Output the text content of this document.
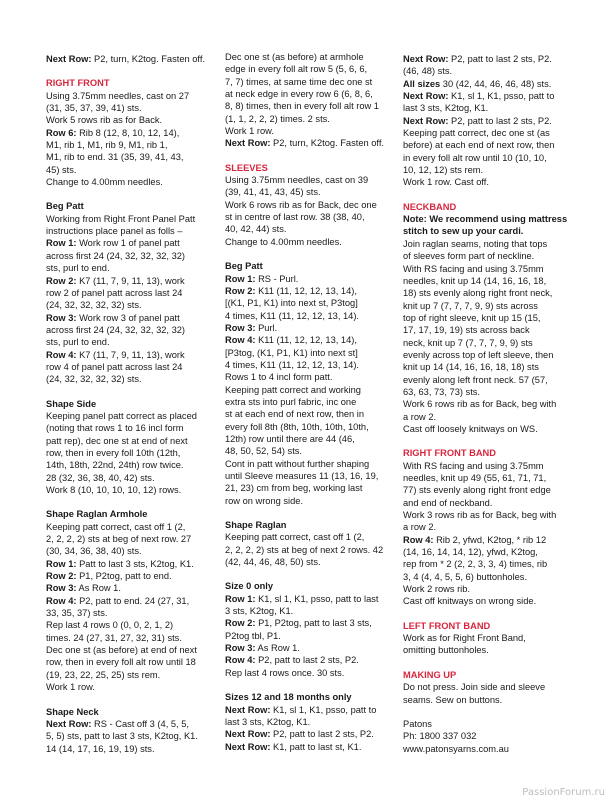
Next Row: P2, turn, K2tog. Fasten off.

RIGHT FRONT

Using 3.75mm needles, cast on 27
(31, 35, 37, 39, 41) sts.

Work 5 rows rib as for Back.

Row 6: Rib 8 (12, 8, 10, 12, 14),
M1, rib 1, M1, rib 9, M1, rib 1,
M1, rib to end. 31 (35, 39, 41, 43,
45) sts.

Change to 4.00mm needles.

Beg Patt

Working from Right Front Panel Patt
instructions place panel as folls –

Row 1: Work row 1 of panel patt
across first 24 (24, 32, 32, 32, 32)
sts, purl to end.

Row 2: K7 (11, 7, 9, 11, 13), work
row 2 of panel patt across last 24
(24, 32, 32, 32, 32) sts.

Row 3: Work row 3 of panel patt
across first 24 (24, 32, 32, 32, 32)
sts, purl to end.

Row 4: K7 (11, 7, 9, 11, 13), work
row 4 of panel patt across last 24
(24, 32, 32, 32, 32) sts.

Shape Side

Keeping panel patt correct as placed
(noting that rows 1 to 16 incl form
patt rep), dec one st at end of next
row, then in every foll 10th (12th,
14th, 18th, 22nd, 24th) row twice.
28 (32, 36, 38, 40, 42) sts.

Work 8 (10, 10, 10, 10, 12) rows.

Shape Raglan Armhole

Keeping patt correct, cast off 1 (2,
2, 2, 2, 2) sts at beg of next row. 27
(30, 34, 36, 38, 40) sts.

Row 1: Patt to last 3 sts, K2tog, K1.

Row 2: P1, P2tog, patt to end.

Row 3: As Row 1.

Row 4: P2, patt to end. 24 (27, 31,
33, 35, 37) sts.

Rep last 4 rows 0 (0, 0, 2, 1, 2)
times. 24 (27, 31, 27, 32, 31) sts.

Dec one st (as before) at end of next
row, then in every foll alt row until 18
(19, 23, 22, 25, 25) sts rem.

Work 1 row.

Shape Neck

Next Row: RS - Cast off 3 (4, 5, 5,
5, 5) sts, patt to last 3 sts, K2tog, K1.
14 (14, 17, 16, 19, 19) sts.

Dec one st (as before) at armhole
edge in every foll alt row 5 (5, 6, 6,
7, 7) times, at same time dec one st
at neck edge in every row 6 (6, 8, 6,
8, 8) times, then in every foll alt row 1
(1, 1, 2, 2, 2) times. 2 sts.

Work 1 row.

Next Row: P2, turn, K2tog. Fasten off.

SLEEVES

Using 3.75mm needles, cast on 39
(39, 41, 41, 43, 45) sts.

Work 6 rows rib as for Back, dec one
st in centre of last row. 38 (38, 40,
40, 42, 44) sts.

Change to 4.00mm needles.

Beg Patt

Row 1: RS - Purl.

Row 2: K11 (11, 12, 12, 13, 14),
[(K1, P1, K1) into next st, P3tog]
4 times, K11 (11, 12, 12, 13, 14).

Row 3: Purl.

Row 4: K11 (11, 12, 12, 13, 14),
[P3tog, (K1, P1, K1) into next st]
4 times, K11 (11, 12, 12, 13, 14).

Rows 1 to 4 incl form patt.

Keeping patt correct and working
extra sts into purl fabric, inc one
st at each end of next row, then in
every foll 8th (8th, 10th, 10th, 10th,
12th) row until there are 44 (46,
48, 50, 52, 54) sts.

Cont in patt without further shaping
until Sleeve measures 11 (13, 16, 19,
21, 23) cm from beg, working last
row on wrong side.

Shape Raglan

Keeping patt correct, cast off 1 (2,
2, 2, 2, 2) sts at beg of next 2 rows. 42
(42, 44, 46, 48, 50) sts.

Size 0 only

Row 1: K1, sl 1, K1, psso, patt to last
3 sts, K2tog, K1.

Row 2: P1, P2tog, patt to last 3 sts,
P2tog tbl, P1.

Row 3: As Row 1.

Row 4: P2, patt to last 2 sts, P2.

Rep last 4 rows once. 30 sts.

Sizes 12 and 18 months only

Next Row: K1, sl 1, K1, psso, patt to
last 3 sts, K2tog, K1.

Next Row: P2, patt to last 2 sts, P2.

Next Row: K1, patt to last st, K1.

Next Row: P2, patt to last 2 sts, P2.
(46, 48) sts.

All sizes 30 (42, 44, 46, 46, 48) sts.

Next Row: K1, sl 1, K1, psso, patt to
last 3 sts, K2tog, K1.

Next Row: P2, patt to last 2 sts, P2.

Keeping patt correct, dec one st (as
before) at each end of next row, then
in every foll alt row until 10 (10, 10,
10, 12, 12) sts rem.

Work 1 row. Cast off.

NECKBAND

Note: We recommend using mattress
stitch to sew up your cardi.

Join raglan seams, noting that tops
of sleeves form part of neckline.

With RS facing and using 3.75mm
needles, knit up 14 (14, 16, 16, 18,
18) sts evenly along right front neck,
knit up 7 (7, 7, 7, 9, 9) sts across
top of right sleeve, knit up 15 (15,
17, 17, 19, 19) sts across back
neck, knit up 7 (7, 7, 7, 9, 9) sts
evenly across top of left sleeve, then
knit up 14 (14, 16, 16, 18, 18) sts
evenly along left front neck. 57 (57,
63, 63, 73, 73) sts.

Work 6 rows rib as for Back, beg with
a row 2.

Cast off loosely knitways on WS.

RIGHT FRONT BAND

With RS facing and using 3.75mm
needles, knit up 49 (55, 61, 71, 71,
77) sts evenly along right front edge
and end of neckband.

Work 3 rows rib as for Back, beg with
a row 2.

Row 4: Rib 2, yfwd, K2tog, * rib 12
(14, 16, 14, 14, 12), yfwd, K2tog,
rep from * 2 (2, 2, 3, 3, 4) times, rib
3, 4 (4, 4, 5, 5, 6) buttonholes.

Work 2 rows rib.

Cast off knitways on wrong side.

LEFT FRONT BAND

Work as for Right Front Band,
omitting buttonholes.

MAKING UP

Do not press. Join side and sleeve
seams. Sew on buttons.

Patons

Ph: 1800 337 032

www.patonsyarns.com.au

PassionForum.ru
